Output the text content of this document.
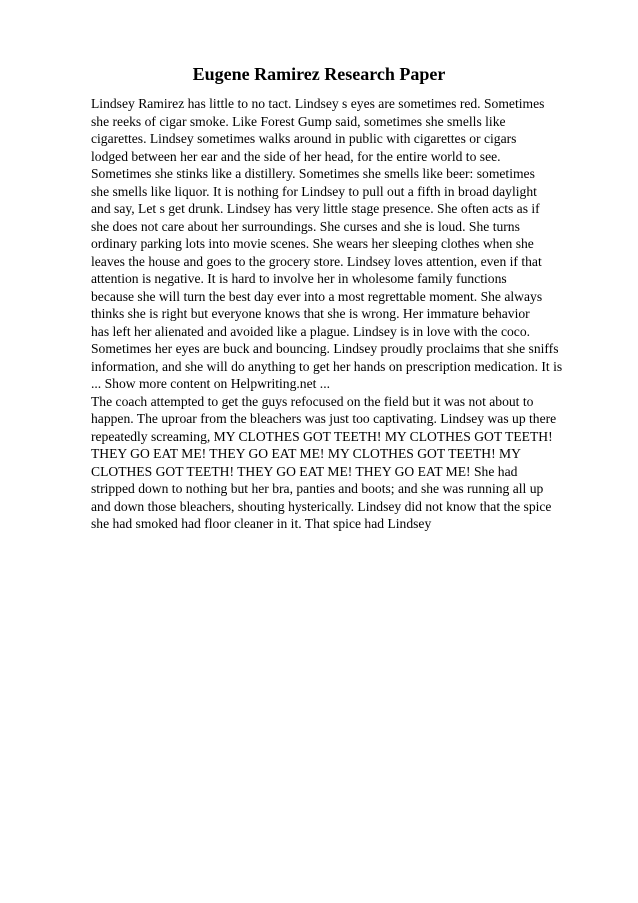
Eugene Ramirez Research Paper
Lindsey Ramirez has little to no tact. Lindsey s eyes are sometimes red. Sometimes
she reeks of cigar smoke. Like Forest Gump said, sometimes she smells like
cigarettes. Lindsey sometimes walks around in public with cigarettes or cigars
lodged between her ear and the side of her head, for the entire world to see.
Sometimes she stinks like a distillery. Sometimes she smells like beer: sometimes
she smells like liquor. It is nothing for Lindsey to pull out a fifth in broad daylight
and say, Let s get drunk. Lindsey has very little stage presence. She often acts as if
she does not care about her surroundings. She curses and she is loud. She turns
ordinary parking lots into movie scenes. She wears her sleeping clothes when she
leaves the house and goes to the grocery store. Lindsey loves attention, even if that
attention is negative. It is hard to involve her in wholesome family functions
because she will turn the best day ever into a most regrettable moment. She always
thinks she is right but everyone knows that she is wrong. Her immature behavior
has left her alienated and avoided like a plague. Lindsey is in love with the coco.
Sometimes her eyes are buck and bouncing. Lindsey proudly proclaims that she sniffs
information, and she will do anything to get her hands on prescription medication. It is
... Show more content on Helpwriting.net ...
The coach attempted to get the guys refocused on the field but it was not about to
happen. The uproar from the bleachers was just too captivating. Lindsey was up there
repeatedly screaming, MY CLOTHES GOT TEETH! MY CLOTHES GOT TEETH!
THEY GO EAT ME! THEY GO EAT ME! MY CLOTHES GOT TEETH! MY
CLOTHES GOT TEETH! THEY GO EAT ME! THEY GO EAT ME! She had
stripped down to nothing but her bra, panties and boots; and she was running all up
and down those bleachers, shouting hysterically. Lindsey did not know that the spice
she had smoked had floor cleaner in it. That spice had Lindsey
